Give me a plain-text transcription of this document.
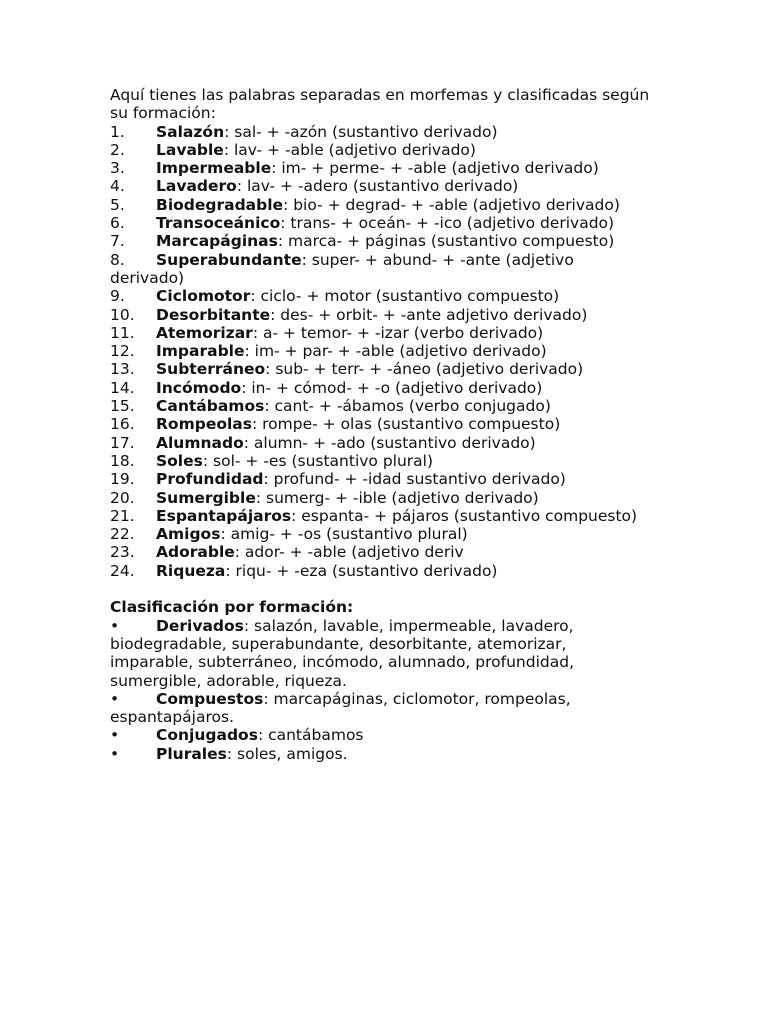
Aquí tienes las palabras separadas en morfemas y clasificadas según su formación:

1. Salazón: sal- + -azón (sustantivo derivado)
2. Lavable: lav- + -able (adjetivo derivado)
3. Impermeable: im- + perme- + -able (adjetivo derivado)
4. Lavadero: lav- + -adero (sustantivo derivado)
5. Biodegradable: bio- + degrad- + -able (adjetivo derivado)
6. Transoceánico: trans- + oceán- + -ico (adjetivo derivado)
7. Marcapáginas: marca- + páginas (sustantivo compuesto)
8. Superabundante: super- + abund- + -ante (adjetivo derivado)
9. Ciclomotor: ciclo- + motor (sustantivo compuesto)
10. Desorbitante: des- + orbit- + -ante adjetivo derivado)
11. Atemorizar: a- + temor- + -izar (verbo derivado)
12. Imparable: im- + par- + -able (adjetivo derivado)
13. Subterráneo: sub- + terr- + -áneo (adjetivo derivado)
14. Incómodo: in- + cómod- + -o (adjetivo derivado)
15. Cantábamos: cant- + -ábamos (verbo conjugado)
16. Rompeolas: rompe- + olas (sustantivo compuesto)
17. Alumnado: alumn- + -ado (sustantivo derivado)
18. Soles: sol- + -es (sustantivo plural)
19. Profundidad: profund- + -idad sustantivo derivado)
20. Sumergible: sumerg- + -ible (adjetivo derivado)
21. Espantapájaros: espanta- + pájaros (sustantivo compuesto)
22. Amigos: amig- + -os (sustantivo plural)
23. Adorable: ador- + -able (adjetivo deriv
24. Riqueza: riqu- + -eza (sustantivo derivado)

Clasificación por formación:

• Derivados: salazón, lavable, impermeable, lavadero, biodegradable, superabundante, desorbitante, atemorizar, imparable, subterráneo, incómodo, alumnado, profundidad, sumergible, adorable, riqueza.
• Compuestos: marcapáginas, ciclomotor, rompeolas, espantapájaros.
• Conjugados: cantábamos
• Plurales: soles, amigos.
